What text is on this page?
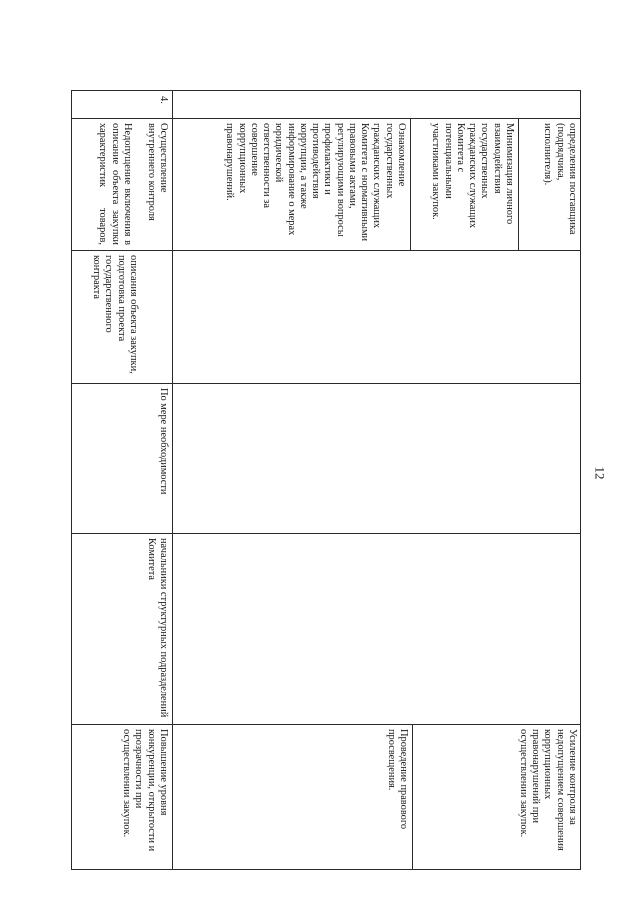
12
определения поставщика (подрядчика, исполнителя).
Минимизация личного взаимодействия государственных гражданских служащих Комитета с потенциальными участниками закупок.
Ознакомление государственных гражданских служащих Комитета с нормативными правовыми актами, регулирующими вопросы профилактики и противодействия коррупции, а также информирование о мерах юридической ответственности за совершение коррупционных правонарушений.
Усиление контроля за недопущением совершения коррупционных правонарушений при осуществлении закупок.
Проведение правового просвещения.
4.
Осуществление внутреннего контроля
Недопущение включения в описание объекта закупки характеристик товаров,
описания объекта закупки, подготовка проекта государственного контракта
По мере необходимости
начальники структурных подразделений Комитета
Повышение уровня конкуренции, открытости и прозрачности при осуществлении закупок.
